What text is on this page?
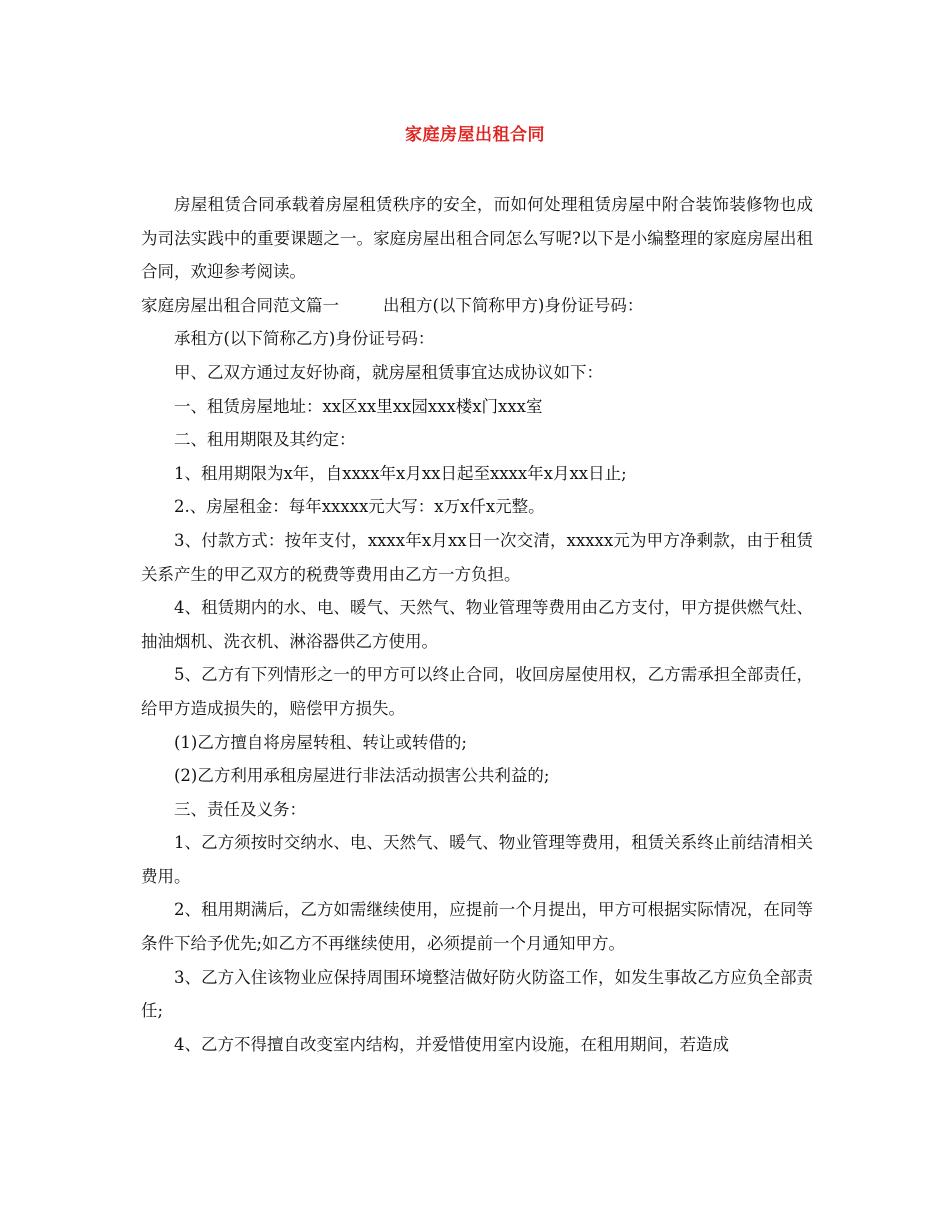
家庭房屋出租合同

房屋租赁合同承载着房屋租赁秩序的安全，而如何处理租赁房屋中附合装饰装修物也成为司法实践中的重要课题之一。家庭房屋出租合同怎么写呢?以下是小编整理的家庭房屋出租合同，欢迎参考阅读。

家庭房屋出租合同范文篇一	出租方(以下简称甲方)身份证号码：

承租方(以下简称乙方)身份证号码：

甲、乙双方通过友好协商，就房屋租赁事宜达成协议如下：

一、租赁房屋地址：xx区xx里xx园xxx楼x门xxx室

二、租用期限及其约定：

1、租用期限为x年，自xxxx年x月xx日起至xxxx年x月xx日止;

2.、房屋租金：每年xxxxx元大写：x万x仟x元整。

3、付款方式：按年支付，xxxx年x月xx日一次交清，xxxxx元为甲方净剩款，由于租赁关系产生的甲乙双方的税费等费用由乙方一方负担。

4、租赁期内的水、电、暖气、天然气、物业管理等费用由乙方支付，甲方提供燃气灶、抽油烟机、洗衣机、淋浴器供乙方使用。

5、乙方有下列情形之一的甲方可以终止合同，收回房屋使用权，乙方需承担全部责任，给甲方造成损失的，赔偿甲方损失。

(1)乙方擅自将房屋转租、转让或转借的;

(2)乙方利用承租房屋进行非法活动损害公共利益的;

三、责任及义务：

1、乙方须按时交纳水、电、天然气、暖气、物业管理等费用，租赁关系终止前结清相关费用。

2、租用期满后，乙方如需继续使用，应提前一个月提出，甲方可根据实际情况，在同等条件下给予优先;如乙方不再继续使用，必须提前一个月通知甲方。

3、乙方入住该物业应保持周围环境整洁做好防火防盗工作，如发生事故乙方应负全部责任;

4、乙方不得擅自改变室内结构，并爱惜使用室内设施，在租用期间，若造成
